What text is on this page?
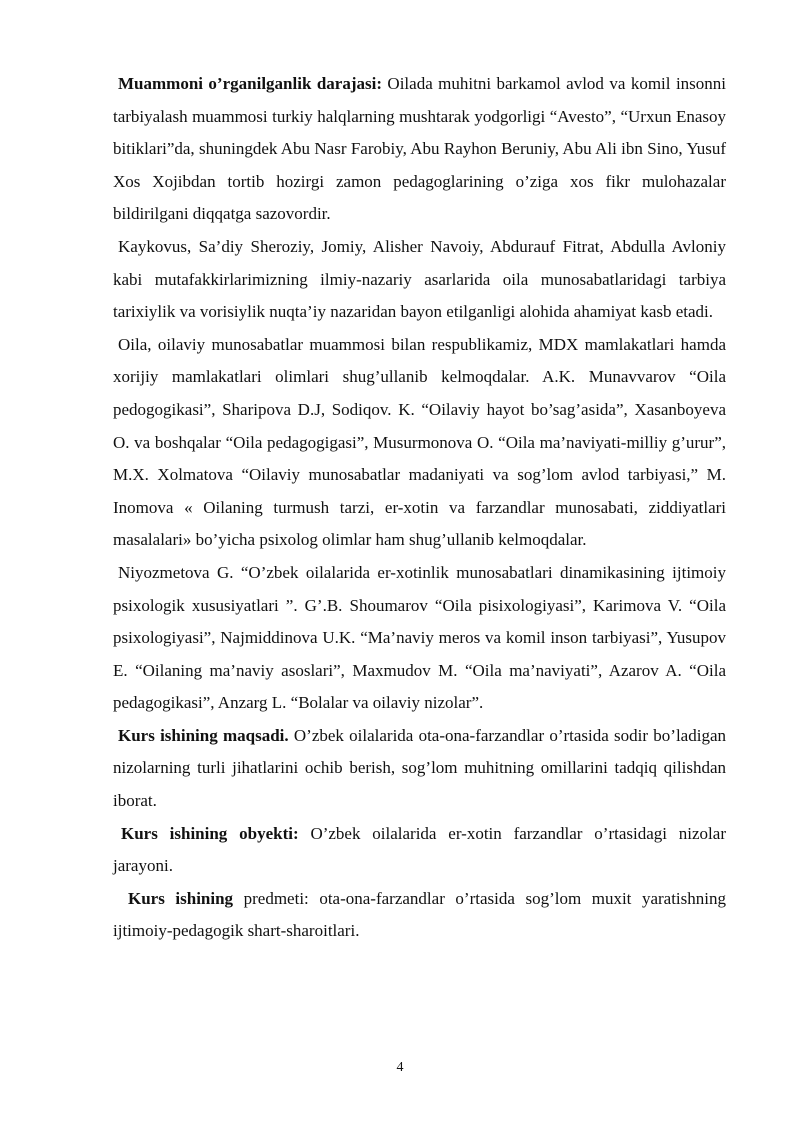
Muammoni o’rganilganlik darajasi: Oilada muhitni barkamol avlod va komil insonni tarbiyalash muammosi turkiy halqlarning mushtarak yodgorligi “Avesto”, “Urxun Enasoy bitiklari”da, shuningdek Abu Nasr Farobiy, Abu Rayhon Beruniy, Abu Ali ibn Sino, Yusuf Xos Xojibdan tortib hozirgi zamon pedagoglarining o’ziga xos fikr mulohazalar bildirilgani diqqatga sazovordir.

Kaykovus, Sa’diy Sheroziy, Jomiy, Alisher Navoiy, Abdurauf Fitrat, Abdulla Avloniy kabi mutafakkirlarimizning ilmiy-nazariy asarlarida oila munosabatlaridagi tarbiya tarixiylik va vorisiylik nuqta’iy nazaridan bayon etilganligi alohida ahamiyat kasb etadi.

Oila, oilaviy munosabatlar muammosi bilan respublikamiz, MDX mamlakatlari hamda xorijiy mamlakatlari olimlari shug’ullanib kelmoqdalar. A.K. Munavvarov “Oila pedogogikasi”, Sharipova D.J, Sodiqov. K. “Oilaviy hayot bo’sag’asida”, Xasanboyeva O. va boshqalar “Oila pedagogigasi”, Musurmonova O. “Oila ma’naviyati-milliy g’urur”, M.X. Xolmatova “Oilaviy munosabatlar madaniyati va sog’lom avlod tarbiyasi,” M. Inomova « Oilaning turmush tarzi, er-xotin va farzandlar munosabati, ziddiyatlari masalalari» bo’yicha psixolog olimlar ham shug’ullanib kelmoqdalar.

Niyozmetova G. “O’zbek oilalarida er-xotinlik munosabatlari dinamikasining ijtimoiy psixologik xususiyatlari ”. G’.B. Shoumarov “Oila pisixologiyasi”, Karimova V. “Oila psixologiyasi”, Najmiddinova U.K. “Ma’naviy meros va komil inson tarbiyasi”, Yusupov E. “Oilaning ma’naviy asoslari”, Maxmudov M. “Oila ma’naviyati”, Azarov A. “Oila pedagogikasi”, Anzarg L. “Bolalar va oilaviy nizolar”.

Kurs ishining maqsadi. O’zbek oilalarida ota-ona-farzandlar o’rtasida sodir bo’ladigan nizolarning turli jihatlarini ochib berish, sog’lom muhitning omillarini tadqiq qilishdan iborat.

Kurs ishining obyekti: O’zbek oilalarida er-xotin farzandlar o’rtasidagi nizolar jarayoni.

Kurs ishining predmeti: ota-ona-farzandlar o’rtasida sog’lom muxit yaratishning ijtimoiy-pedagogik shart-sharoitlari.

4
